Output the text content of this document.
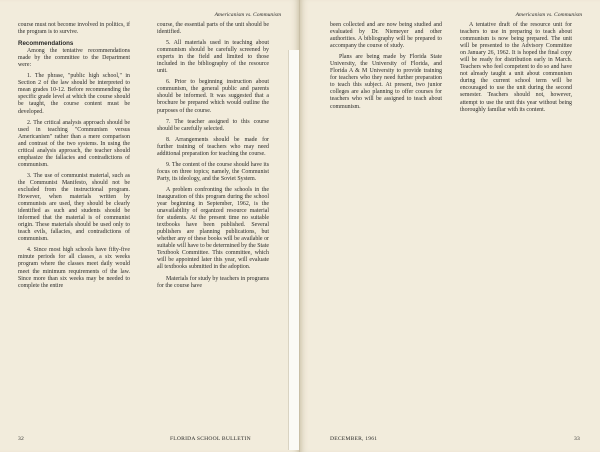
Americanism vs. Communism

course must not become involved in politics, if the program is to survive.

Recommendations

Among the tentative recommendations made by the committee to the Department were:

1. The phrase, "public high school," in Section 2 of the law should be interpreted to mean grades 10-12. Before recommending the specific grade level at which the course should be taught, the course content must be developed.

2. The critical analysis approach should be used in teaching "Communism versus Americanism" rather than a mere comparison and contrast of the two systems. In using the critical analysis approach, the teacher should emphasize the fallacies and contradictions of communism.

3. The use of communist material, such as the Communist Manifesto, should not be excluded from the instructional program. However, when materials written by communists are used, they should be clearly identified as such and students should be informed that the material is of communist origin. These materials should be used only to teach evils, fallacies, and contradictions of communism.

4. Since most high schools have fifty-five minute periods for all classes, a six weeks program where the classes meet daily would meet the minimum requirements of the law. Since more than six weeks may be needed to complete the entire

course, the essential parts of the unit should be identified.

5. All materials used in teaching about communism should be carefully screened by experts in the field and limited to those included in the bibliography of the resource unit.

6. Prior to beginning instruction about communism, the general public and parents should be informed. It was suggested that a brochure be prepared which would outline the purposes of the course.

7. The teacher assigned to this course should be carefully selected.

8. Arrangements should be made for further training of teachers who may need additional preparation for teaching the course.

9. The content of the course should have its focus on three topics; namely, the Communist Party, its ideology, and the Soviet System.

A problem confronting the schools in the inauguration of this program during the school year beginning in September, 1962, is the unavailability of organized resource material for students. At the present time no suitable textbooks have been published. Several publishers are planning publications, but whether any of these books will be available or suitable will have to be determined by the State Textbook Committee. This committee, which will be appointed later this year, will evaluate all textbooks submitted in the adoption.

Materials for study by teachers in programs for the course have

32	FLORIDA SCHOOL BULLETIN
Americanism vs. Communism

been collected and are now being studied and evaluated by Dr. Niemeyer and other authorities. A bibliography will be prepared to accompany the course of study.

Plans are being made by Florida State University, the University of Florida, and Florida A & M University to provide training for teachers who they need further preparation to teach this subject. At present, two junior colleges are also planning to offer courses for teachers who will be assigned to teach about communism.

A tentative draft of the resource unit for teachers to use in preparing to teach about communism is now being prepared. The unit will be presented to the Advisory Committee on January 26, 1962. It is hoped the final copy will be ready for distribution early in March. Teachers who feel competent to do so and have not already taught a unit about communism during the current school term will be encouraged to use the unit during the second semester. Teachers should not, however, attempt to use the unit this year without being thoroughly familiar with its content.

DECEMBER, 1961	33
